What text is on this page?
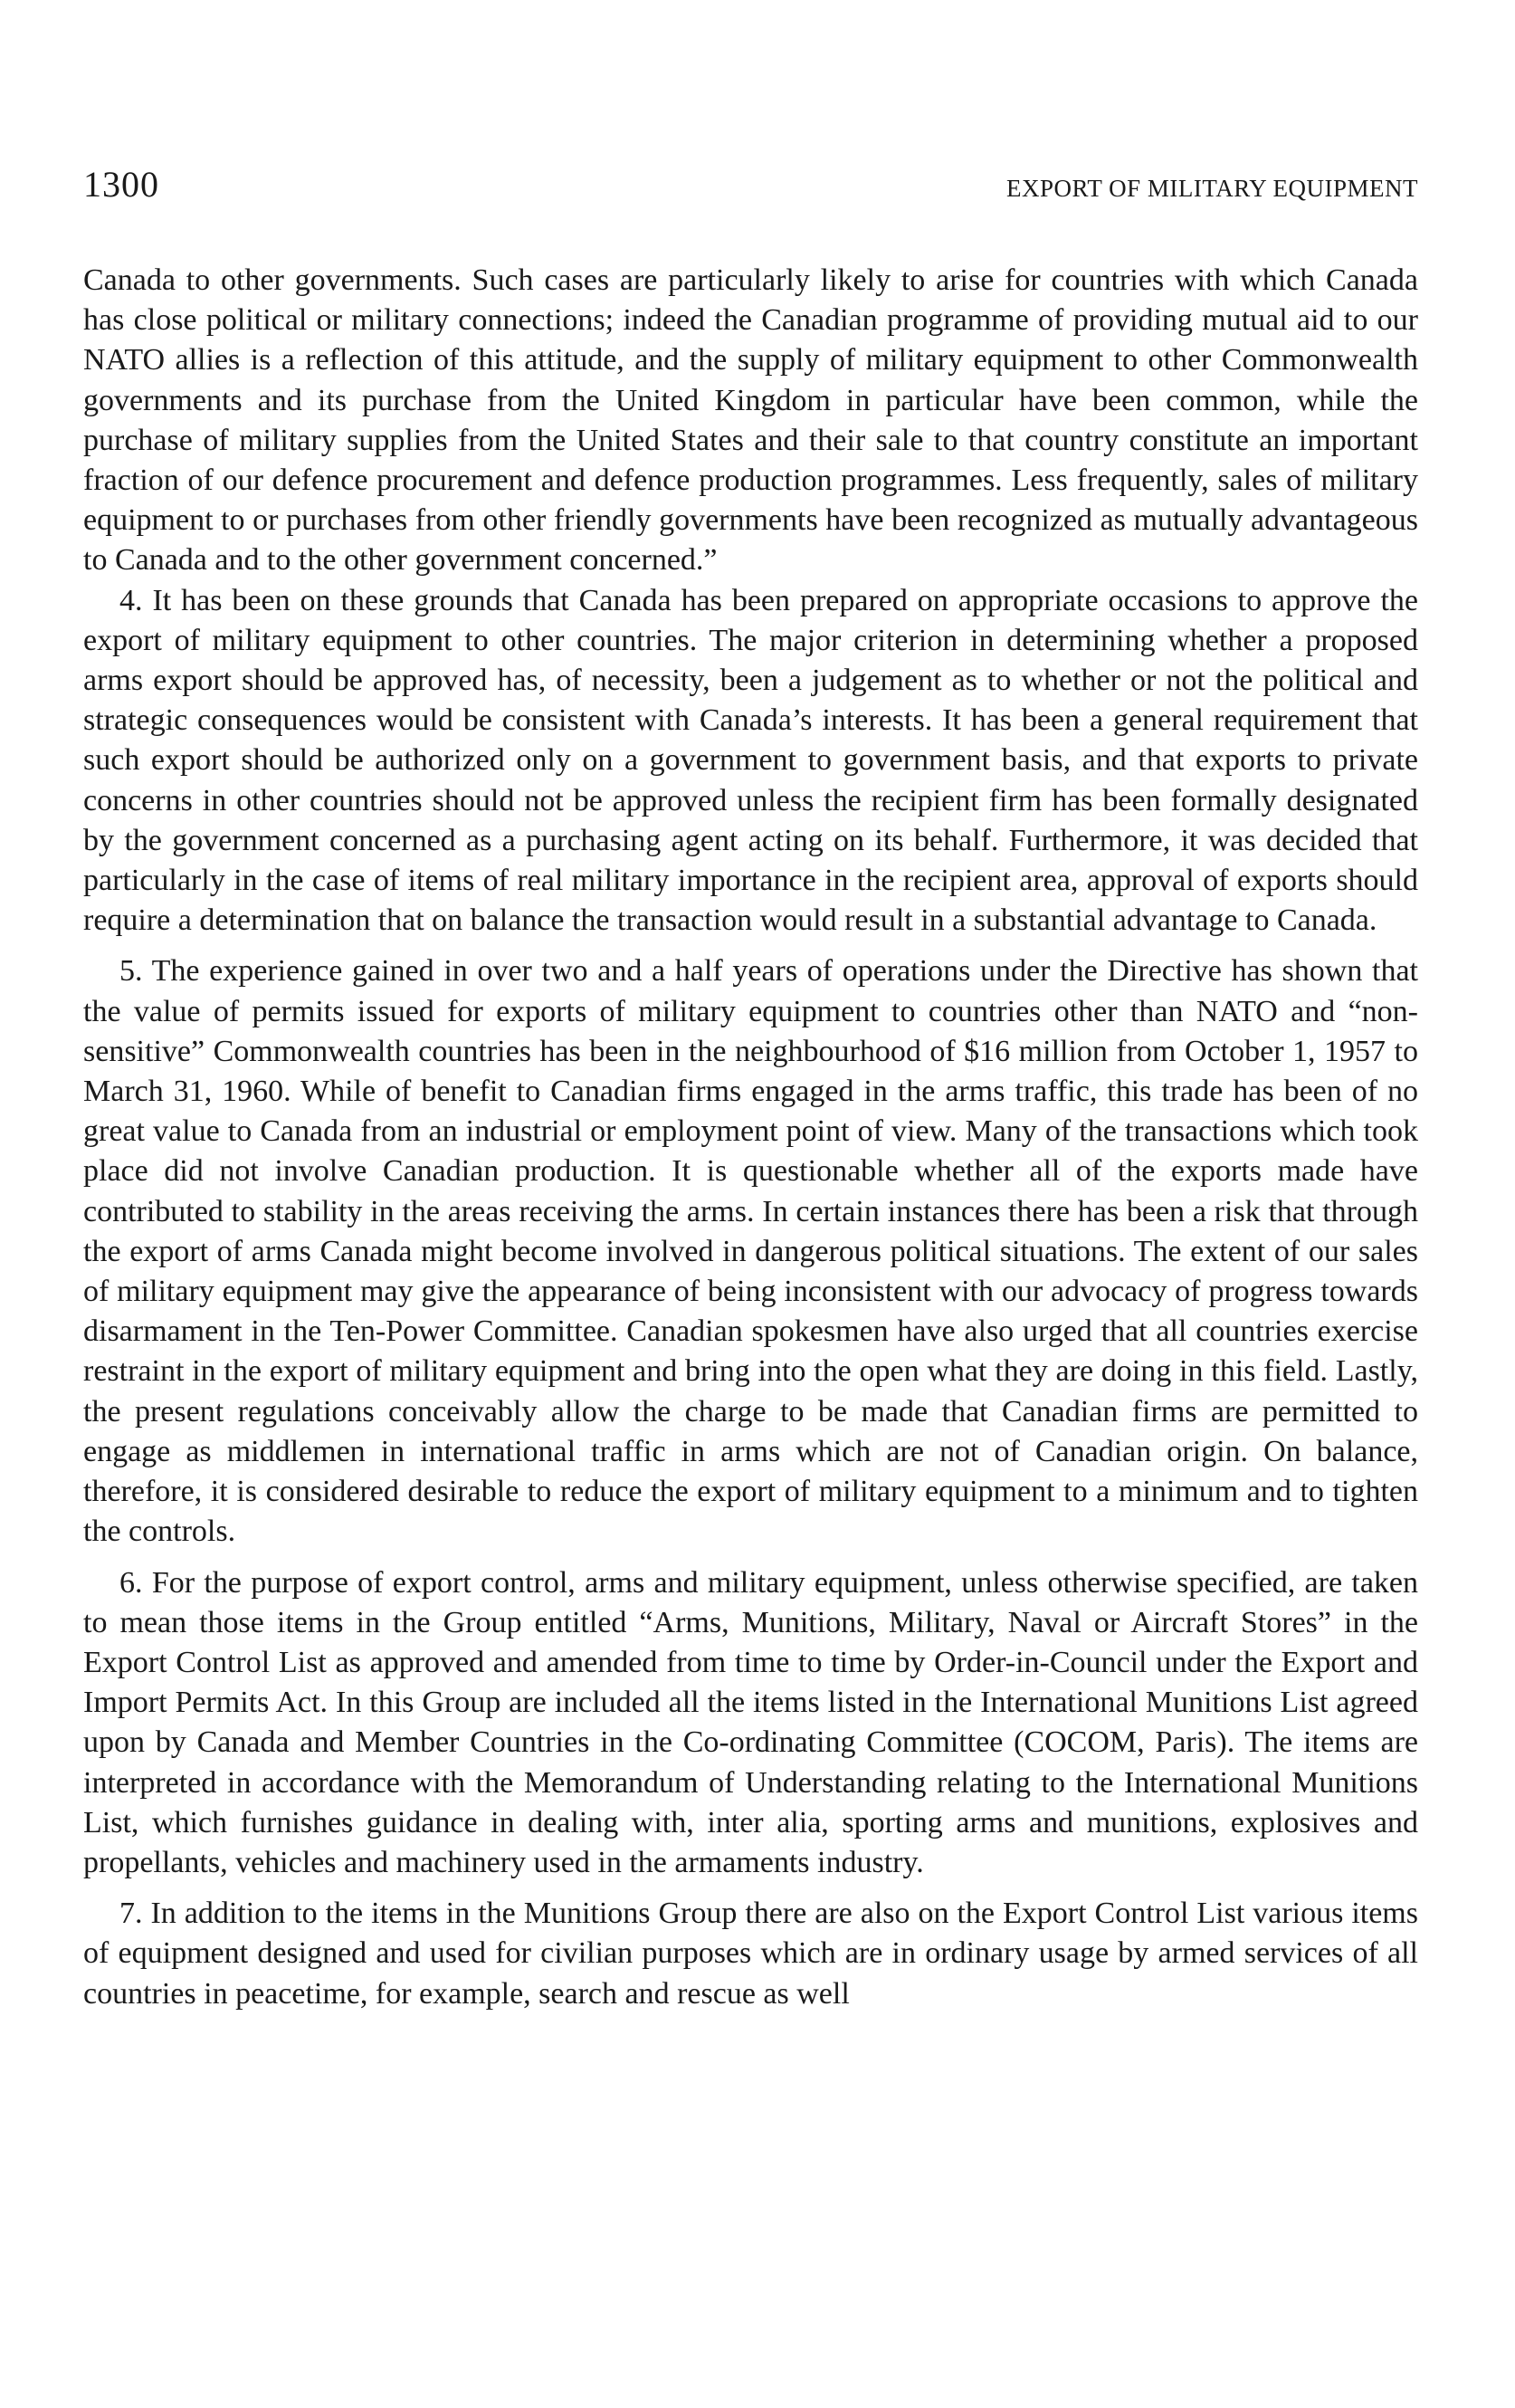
1300	EXPORT OF MILITARY EQUIPMENT

Canada to other governments. Such cases are particularly likely to arise for countries with which Canada has close political or military connections; indeed the Canadian programme of providing mutual aid to our NATO allies is a reflection of this attitude, and the supply of military equipment to other Commonwealth governments and its purchase from the United Kingdom in particular have been common, while the purchase of military supplies from the United States and their sale to that country constitute an important fraction of our defence procurement and defence production programmes. Less frequently, sales of military equipment to or purchases from other friendly governments have been recognized as mutually advantageous to Canada and to the other government concerned.”

4. It has been on these grounds that Canada has been prepared on appropriate occasions to approve the export of military equipment to other countries. The major criterion in determining whether a proposed arms export should be approved has, of necessity, been a judgement as to whether or not the political and strategic consequences would be consistent with Canada’s interests. It has been a general requirement that such export should be authorized only on a government to government basis, and that exports to private concerns in other countries should not be approved unless the recipient firm has been formally designated by the government concerned as a purchasing agent acting on its behalf. Furthermore, it was decided that particularly in the case of items of real military importance in the recipient area, approval of exports should require a determination that on balance the transaction would result in a substantial advantage to Canada.

5. The experience gained in over two and a half years of operations under the Directive has shown that the value of permits issued for exports of military equipment to countries other than NATO and “non-sensitive” Commonwealth countries has been in the neighbourhood of $16 million from October 1, 1957 to March 31, 1960. While of benefit to Canadian firms engaged in the arms traffic, this trade has been of no great value to Canada from an industrial or employment point of view. Many of the transactions which took place did not involve Canadian production. It is questionable whether all of the exports made have contributed to stability in the areas receiving the arms. In certain instances there has been a risk that through the export of arms Canada might become involved in dangerous political situations. The extent of our sales of military equipment may give the appearance of being inconsistent with our advocacy of progress towards disarmament in the Ten-Power Committee. Canadian spokesmen have also urged that all countries exercise restraint in the export of military equipment and bring into the open what they are doing in this field. Lastly, the present regulations conceivably allow the charge to be made that Canadian firms are permitted to engage as middlemen in international traffic in arms which are not of Canadian origin. On balance, therefore, it is considered desirable to reduce the export of military equipment to a minimum and to tighten the controls.

6. For the purpose of export control, arms and military equipment, unless otherwise specified, are taken to mean those items in the Group entitled “Arms, Munitions, Military, Naval or Aircraft Stores” in the Export Control List as approved and amended from time to time by Order-in-Council under the Export and Import Permits Act. In this Group are included all the items listed in the International Munitions List agreed upon by Canada and Member Countries in the Co-ordinating Committee (COCOM, Paris). The items are interpreted in accordance with the Memorandum of Understanding relating to the International Munitions List, which furnishes guidance in dealing with, inter alia, sporting arms and munitions, explosives and propellants, vehicles and machinery used in the armaments industry.

7. In addition to the items in the Munitions Group there are also on the Export Control List various items of equipment designed and used for civilian purposes which are in ordinary usage by armed services of all countries in peacetime, for example, search and rescue as well
